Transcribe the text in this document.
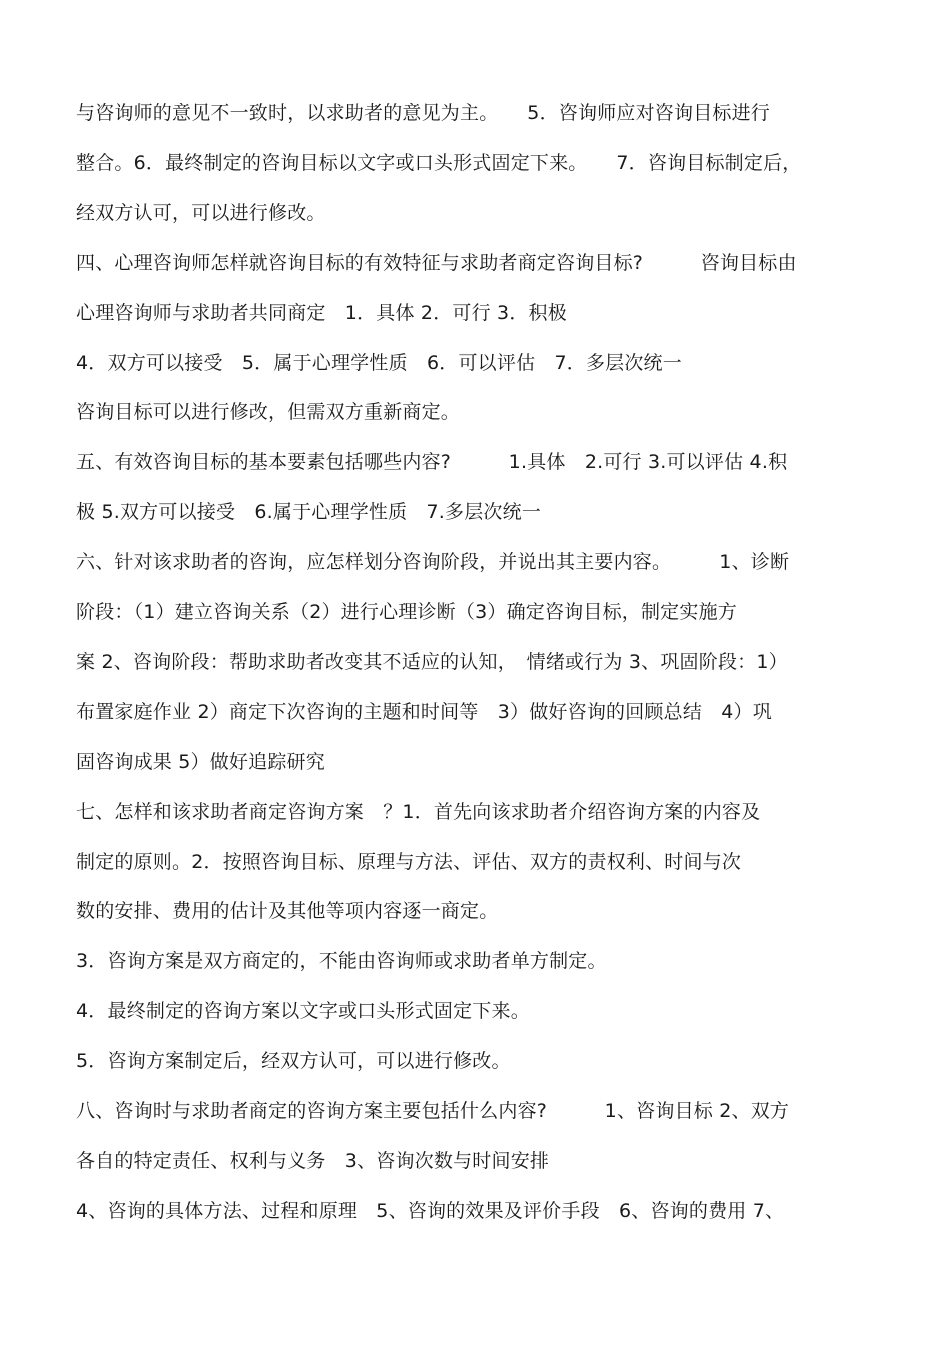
与咨询师的意见不一致时，以求助者的意见为主。　　5．咨询师应对咨询目标进行
整合。6．最终制定的咨询目标以文字或口头形式固定下来。　　7．咨询目标制定后，
经双方认可，可以进行修改。
四、心理咨询师怎样就咨询目标的有效特征与求助者商定咨询目标?　　　咨询目标由
心理咨询师与求助者共同商定　1．具体 2．可行 3．积极
4．双方可以接受　5．属于心理学性质　6．可以评估　7．多层次统一
咨询目标可以进行修改，但需双方重新商定。
五、有效咨询目标的基本要素包括哪些内容?　　　1.具体　2.可行 3.可以评估 4.积
极 5.双方可以接受　6.属于心理学性质　7.多层次统一
六、针对该求助者的咨询，应怎样划分咨询阶段，并说出其主要内容。　　　1、诊断
阶段：（1）建立咨询关系（2）进行心理诊断（3）确定咨询目标，制定实施方
案 2、咨询阶段：帮助求助者改变其不适应的认知，　情绪或行为 3、巩固阶段：1）
布置家庭作业 2）商定下次咨询的主题和时间等　3）做好咨询的回顾总结　4）巩
固咨询成果 5）做好追踪研究
七、怎样和该求助者商定咨询方案　？1．首先向该求助者介绍咨询方案的内容及
制定的原则。2．按照咨询目标、原理与方法、评估、双方的责权利、时间与次
数的安排、费用的估计及其他等项内容逐一商定。
3．咨询方案是双方商定的，不能由咨询师或求助者单方制定。
4．最终制定的咨询方案以文字或口头形式固定下来。
5．咨询方案制定后，经双方认可，可以进行修改。
八、咨询时与求助者商定的咨询方案主要包括什么内容?　　　1、咨询目标 2、双方
各自的特定责任、权利与义务　3、咨询次数与时间安排
4、咨询的具体方法、过程和原理　5、咨询的效果及评价手段　6、咨询的费用 7、
